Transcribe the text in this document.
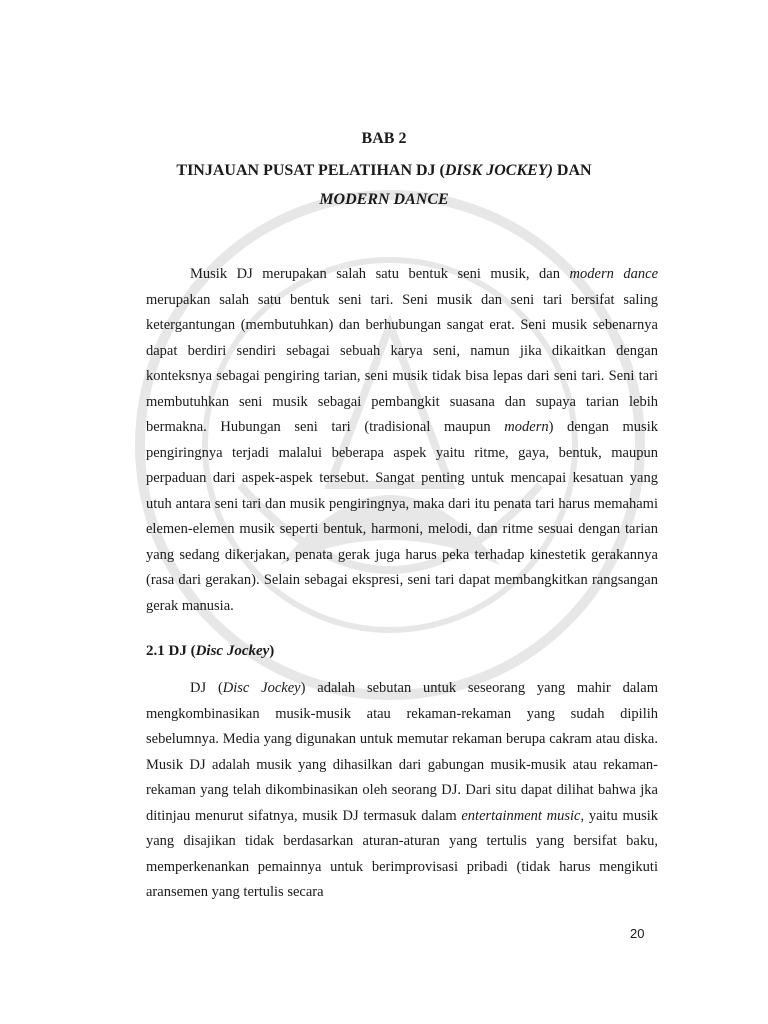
BAB 2
TINJAUAN PUSAT PELATIHAN DJ (DISK JOCKEY) DAN
MODERN DANCE

Musik DJ merupakan salah satu bentuk seni musik, dan modern dance merupakan salah satu bentuk seni tari. Seni musik dan seni tari bersifat saling ketergantungan (membutuhkan) dan berhubungan sangat erat. Seni musik sebenarnya dapat berdiri sendiri sebagai sebuah karya seni, namun jika dikaitkan dengan konteksnya sebagai pengiring tarian, seni musik tidak bisa lepas dari seni tari. Seni tari membutuhkan seni musik sebagai pembangkit suasana dan supaya tarian lebih bermakna. Hubungan seni tari (tradisional maupun modern) dengan musik pengiringnya terjadi malalui beberapa aspek yaitu ritme, gaya, bentuk, maupun perpaduan dari aspek-aspek tersebut. Sangat penting untuk mencapai kesatuan yang utuh antara seni tari dan musik pengiringnya, maka dari itu penata tari harus memahami elemen-elemen musik seperti bentuk, harmoni, melodi, dan ritme sesuai dengan tarian yang sedang dikerjakan, penata gerak juga harus peka terhadap kinestetik gerakannya (rasa dari gerakan). Selain sebagai ekspresi, seni tari dapat membangkitkan rangsangan gerak manusia.

2.1 DJ (Disc Jockey)

DJ (Disc Jockey) adalah sebutan untuk seseorang yang mahir dalam mengkombinasikan musik-musik atau rekaman-rekaman yang sudah dipilih sebelumnya. Media yang digunakan untuk memutar rekaman berupa cakram atau diska. Musik DJ adalah musik yang dihasilkan dari gabungan musik-musik atau rekaman-rekaman yang telah dikombinasikan oleh seorang DJ. Dari situ dapat dilihat bahwa jka ditinjau menurut sifatnya, musik DJ termasuk dalam entertainment music, yaitu musik yang disajikan tidak berdasarkan aturan-aturan yang tertulis yang bersifat baku, memperkenankan pemainnya untuk berimprovisasi pribadi (tidak harus mengikuti aransemen yang tertulis secara

20
